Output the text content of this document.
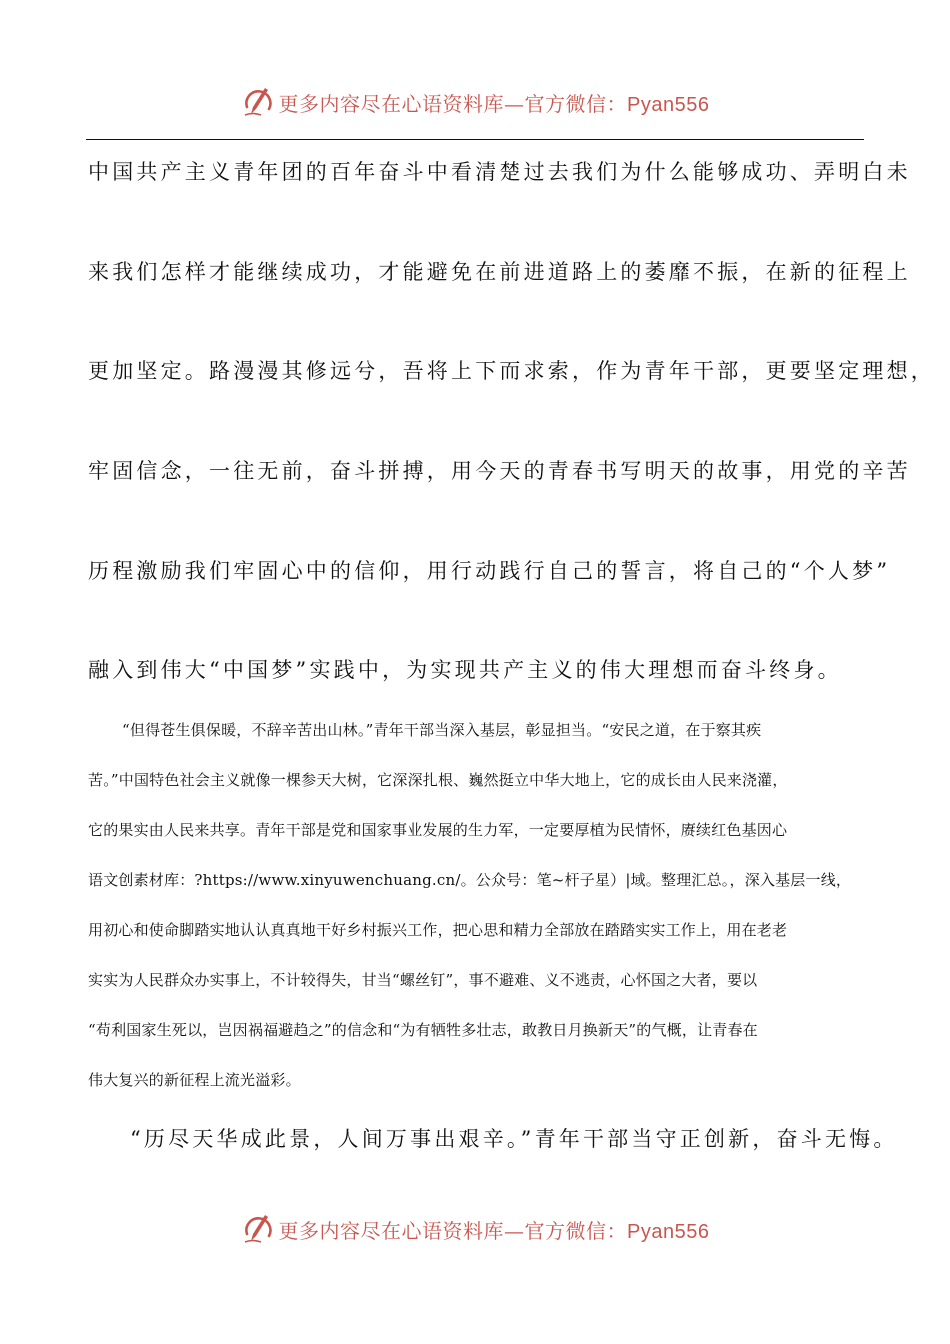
更多内容尽在心语资料库—官方微信：Pyan556
中国共产主义青年团的百年奋斗中看清楚过去我们为什么能够成功、弄明白未
来我们怎样才能继续成功，才能避免在前进道路上的萎靡不振，在新的征程上
更加坚定。路漫漫其修远兮，吾将上下而求索，作为青年干部，更要坚定理想，
牢固信念，一往无前，奋斗拼搏，用今天的青春书写明天的故事，用党的辛苦
历程激励我们牢固心中的信仰，用行动践行自己的誓言，将自己的“个人梦”
融入到伟大“中国梦”实践中，为实现共产主义的伟大理想而奋斗终身。
“但得苍生俱保暖，不辞辛苦出山林。”青年干部当深入基层，彰显担当。“安民之道，在于察其疾
苦。”中国特色社会主义就像一棵参天大树，它深深扎根、巍然挺立中华大地上，它的成长由人民来浇灌，
它的果实由人民来共享。青年干部是党和国家事业发展的生力军，一定要厚植为民情怀，赓续红色基因心
语文创素材库：?https://www.xinyuwenchuang.cn/。公众号：笔~杆子星）|域。整理汇总。，深入基层一线，
用初心和使命脚踏实地认认真真地干好乡村振兴工作，把心思和精力全部放在踏踏实实工作上，用在老老
实实为人民群众办实事上，不计较得失，甘当“螺丝钉”，事不避难、义不逃责，心怀国之大者，要以
“苟利国家生死以，岂因祸福避趋之”的信念和“为有牺牲多壮志，敢教日月换新天”的气概，让青春在
伟大复兴的新征程上流光溢彩。
“历尽天华成此景，人间万事出艰辛。”青年干部当守正创新，奋斗无悔。
更多内容尽在心语资料库—官方微信：Pyan556
